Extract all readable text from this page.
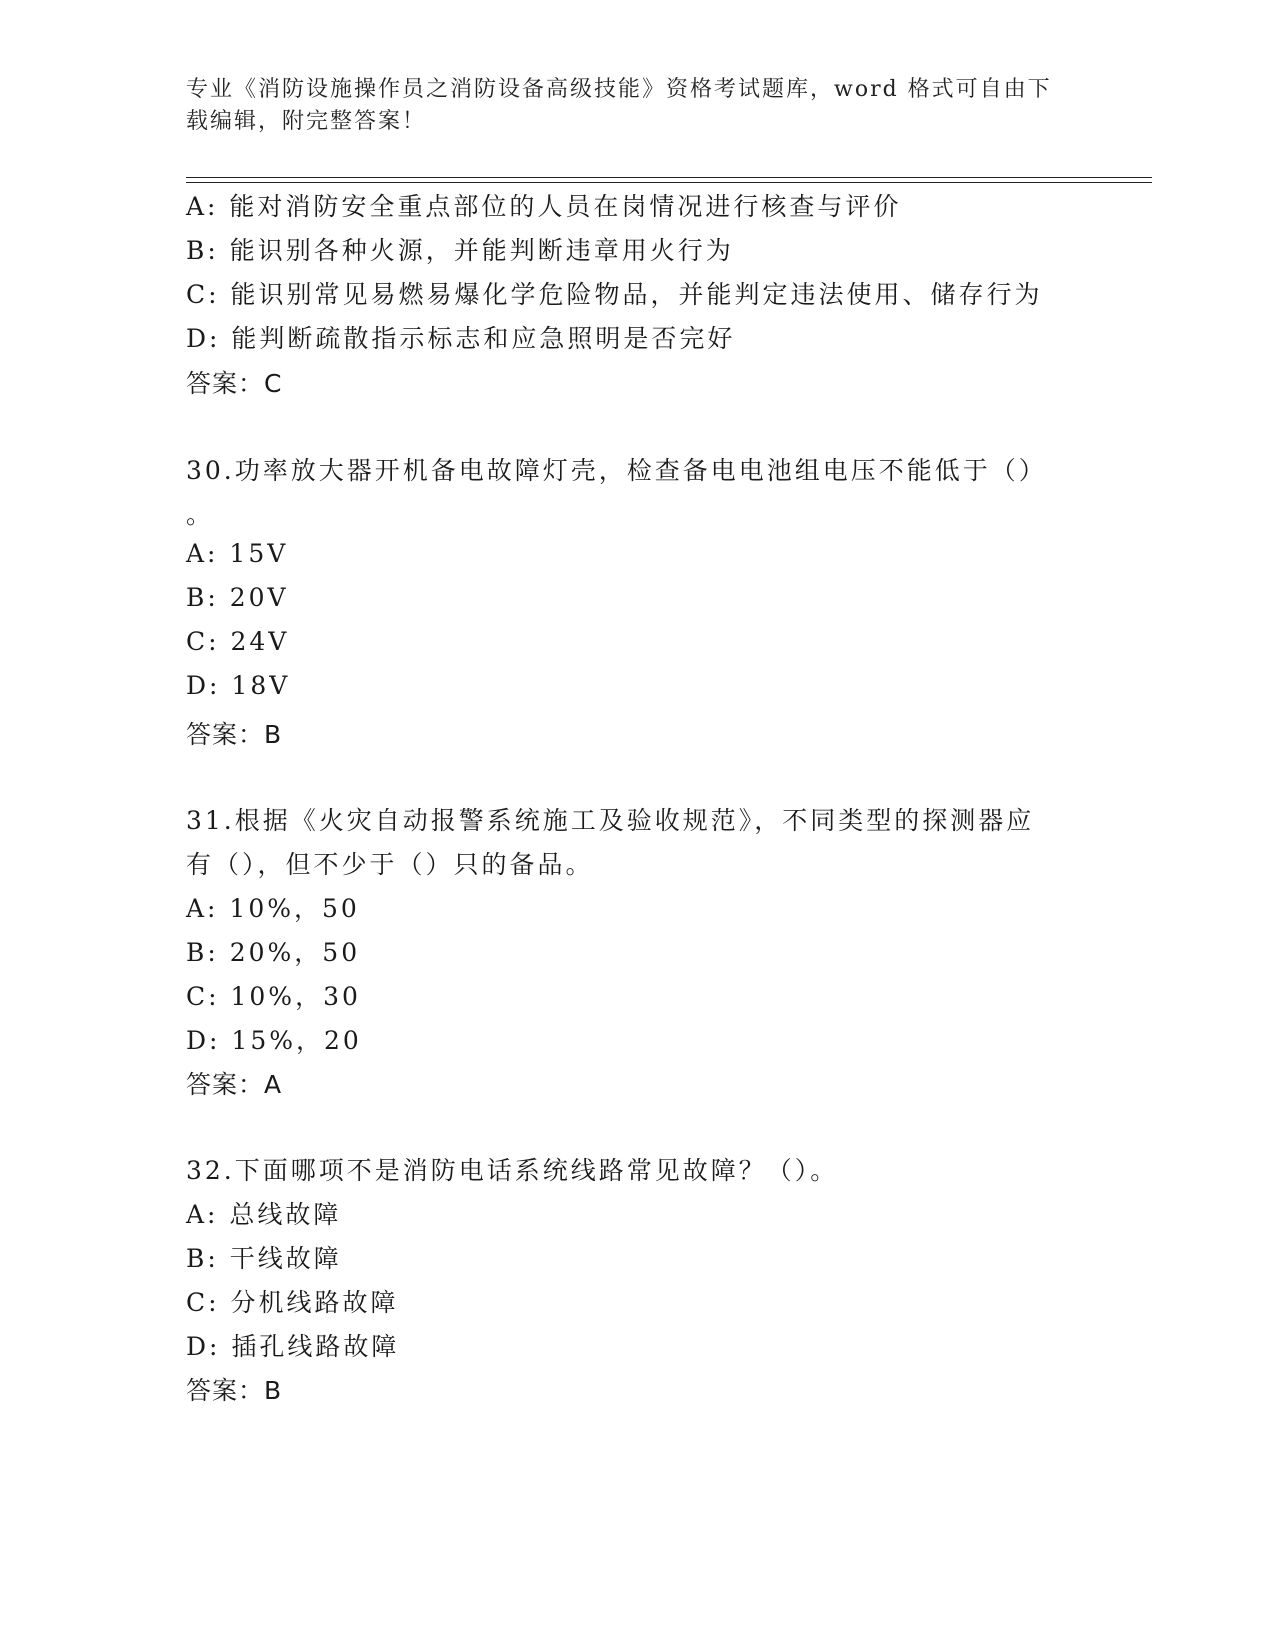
专业《消防设施操作员之消防设备高级技能》资格考试题库，word 格式可自由下
载编辑，附完整答案！
A: 能对消防安全重点部位的人员在岗情况进行核查与评价
B: 能识别各种火源，并能判断违章用火行为
C: 能识别常见易燃易爆化学危险物品，并能判定违法使用、储存行为
D: 能判断疏散指示标志和应急照明是否完好
答案：C
30.功率放大器开机备电故障灯壳，检查备电电池组电压不能低于（）
。
A: 15V
B: 20V
C: 24V
D: 18V
答案：B
31.根据《火灾自动报警系统施工及验收规范》，不同类型的探测器应
有（），但不少于（）只的备品。
A: 10%，50
B: 20%，50
C: 10%，30
D: 15%，20
答案：A
32.下面哪项不是消防电话系统线路常见故障？（）。
A: 总线故障
B: 干线故障
C: 分机线路故障
D: 插孔线路故障
答案：B
